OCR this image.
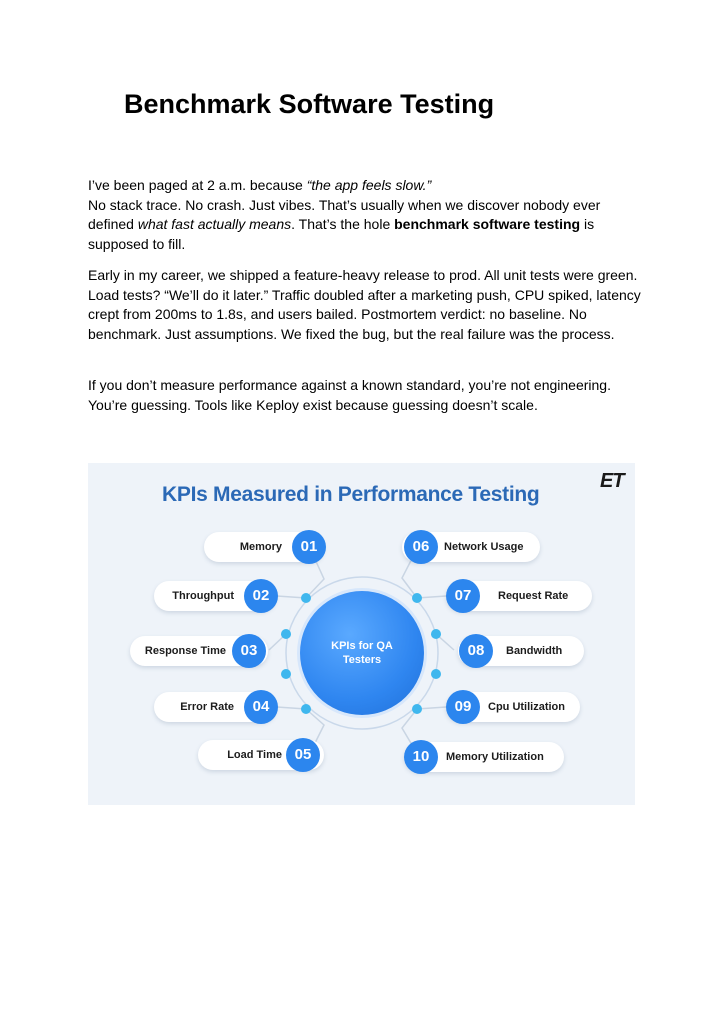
Benchmark Software Testing

I’ve been paged at 2 a.m. because “the app feels slow.”
No stack trace. No crash. Just vibes. That’s usually when we discover nobody ever defined what fast actually means. That’s the hole benchmark software testing is supposed to fill.

Early in my career, we shipped a feature-heavy release to prod. All unit tests were green. Load tests? “We’ll do it later.” Traffic doubled after a marketing push, CPU spiked, latency crept from 200ms to 1.8s, and users bailed. Postmortem verdict: no baseline. No benchmark. Just assumptions. We fixed the bug, but the real failure was the process.

If you don’t measure performance against a known standard, you’re not engineering. You’re guessing. Tools like Keploy exist because guessing doesn’t scale.

KPIs Measured in Performance Testing
ET
KPIs for QA Testers
Memory	01
Throughput	02
Response Time 03
Error Rate	04
Load Time 05
Network Usage
06
Request Rate
07
Bandwidth
08
Cpu Utilization
09
Memory Utilization
10
